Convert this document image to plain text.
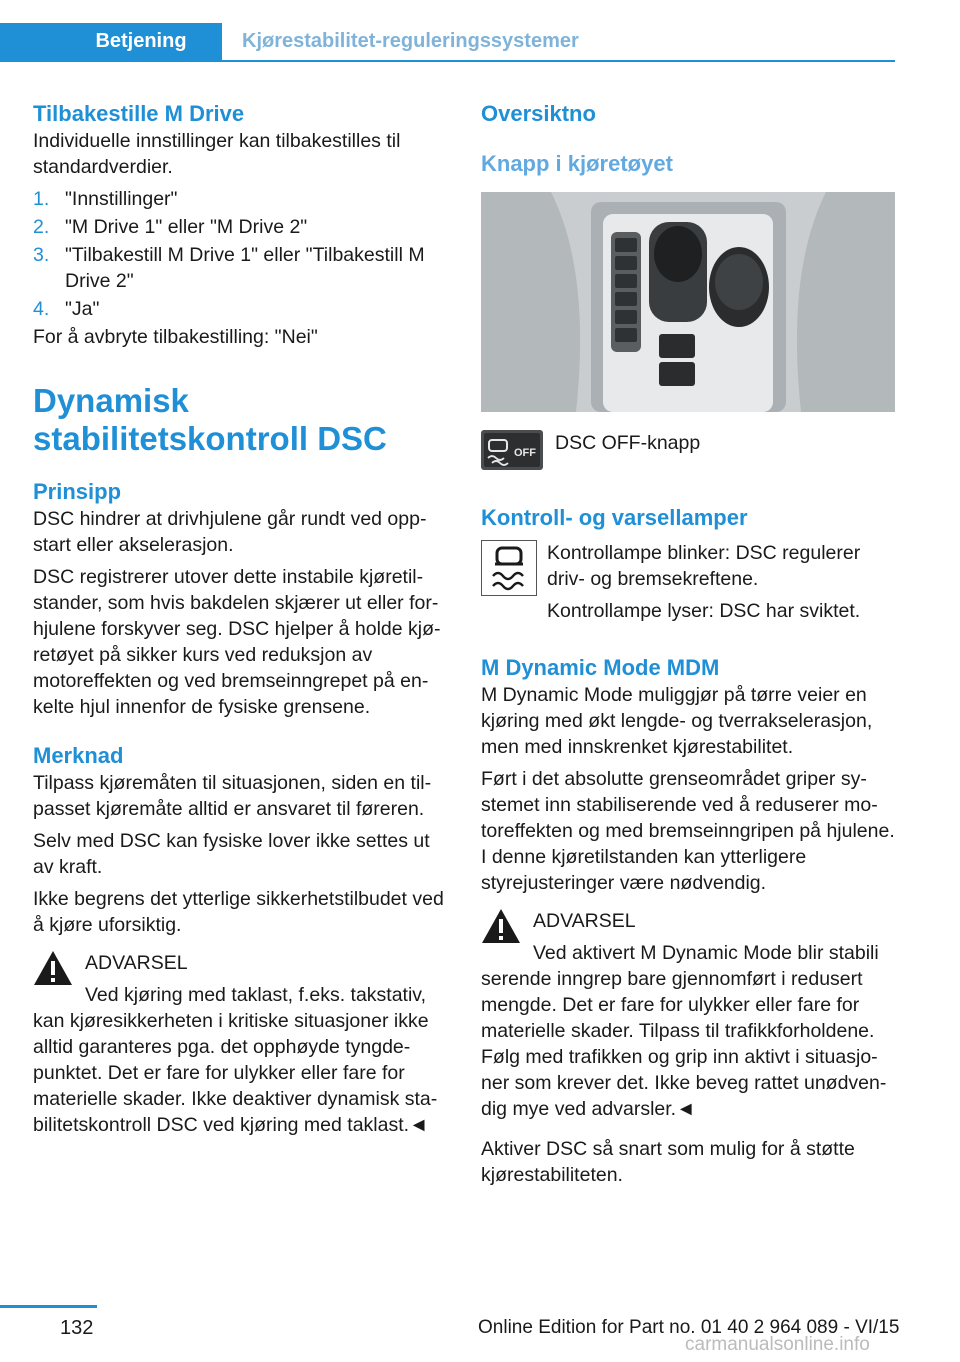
Betjening	Kjørestabilitet-reguleringssystemer
Tilbakestille M Drive

Individuelle innstillinger kan tilbakestilles til standardverdier.

1. "Innstillinger"
2. "M Drive 1" eller "M Drive 2"
3. "Tilbakestill M Drive 1" eller "Tilbakestill M Drive 2"
4. "Ja"

For å avbryte tilbakestilling: "Nei"

Dynamisk stabilitetskontroll DSC
Prinsipp

DSC hindrer at drivhjulene går rundt ved oppstart eller akselerasjon.

DSC registrerer utover dette instabile kjøretilstander, som hvis bakdelen skjærer ut eller forhjulene forskyver seg. DSC hjelper å holde kjøretøyet på sikker kurs ved reduksjon av motoreffekten og ved bremseinngrepet på enkelte hjul innenfor de fysiske grensene.

Merknad

Tilpass kjøremåten til situasjonen, siden en tilpasset kjøremåte alltid er ansvaret til føreren.

Selv med DSC kan fysiske lover ikke settes ut av kraft.

Ikke begrens det ytterlige sikkerhetstilbudet ved å kjøre uforsiktig.

ADVARSEL

Ved kjøring med taklast, f.eks. takstativ,

kan kjøresikkerheten i kritiske situasjoner ikke alltid garanteres pga. det opphøyde tyngdepunktet. Det er fare for ulykker eller fare for materielle skader. Ikke deaktiver dynamisk stabilitetskontroll DSC ved kjøring med taklast.◄

Oversiktno
Knapp i kjøretøyet
OFF DSC OFF-knapp
Kontroll- og varsellamper

Kontrollampe blinker: DSC regulerer driv- og bremsekreftene.

Kontrollampe lyser: DSC har sviktet.

M Dynamic Mode MDM

M Dynamic Mode muliggjør på tørre veier en kjøring med økt lengde- og tverrakselerasjon, men med innskrenket kjørestabilitet.

Ført i det absolutte grenseområdet griper systemet inn stabiliserende ved å reduserer motoreffekten og med bremseinngripen på hjulene. I denne kjøretilstanden kan ytterligere styrejusteringer være nødvendig.

ADVARSEL

Ved aktivert M Dynamic Mode blir stabili

serende inngrep bare gjennomført i redusert mengde. Det er fare for ulykker eller fare for materielle skader. Tilpass til trafikkforholdene. Følg med trafikken og grip inn aktivt i situasjoner som krever det. Ikke beveg rattet unødvendig mye ved advarsler.◄

Aktiver DSC så snart som mulig for å støtte kjørestabiliteten.

132	Online Edition for Part no. 01 40 2 964 089 - VI/15
carmanualsonline.info
